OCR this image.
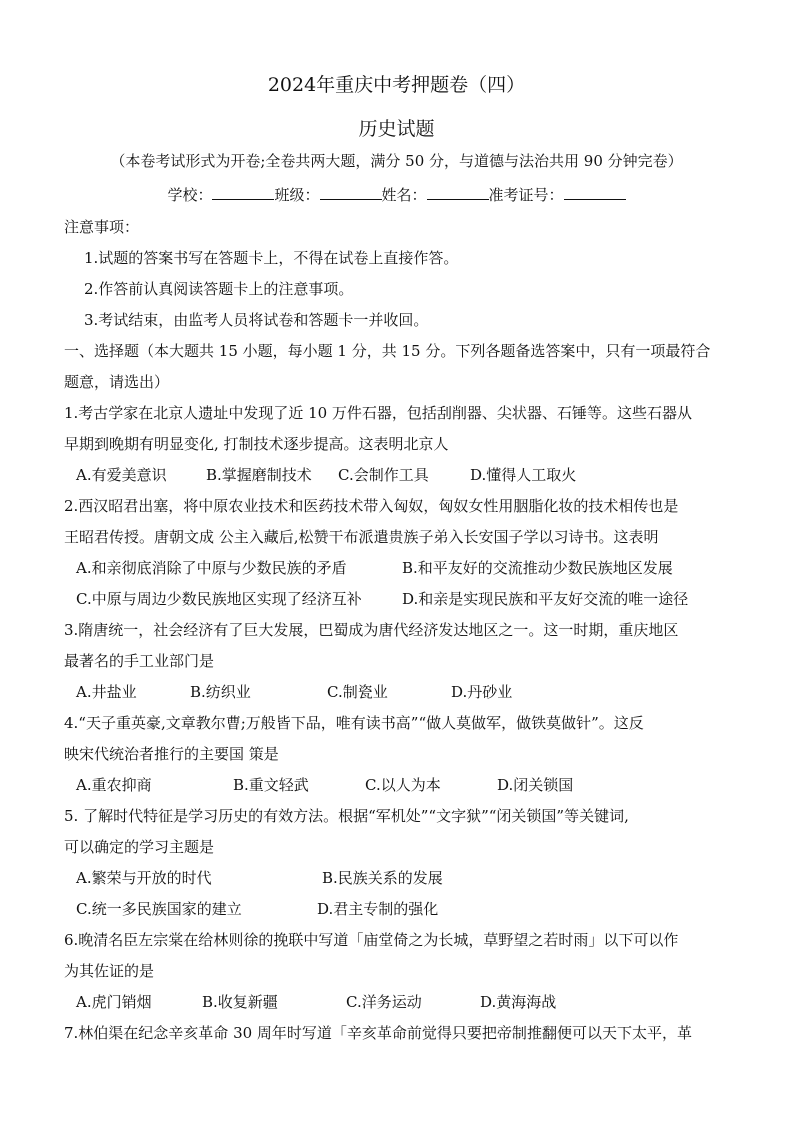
2024年重庆中考押题卷（四）
历史试题
（本卷考试形式为开卷;全卷共两大题，满分 50 分，与道德与法治共用 90 分钟完卷）
学校：	班级：	姓名：	准考证号：
注意事项：
1.试题的答案书写在答题卡上，不得在试卷上直接作答。
2.作答前认真阅读答题卡上的注意事项。
3.考试结束，由监考人员将试卷和答题卡一并收回。
一、选择题（本大题共 15 小题，每小题 1 分，共 15 分。下列各题备选答案中，只有一项最符合
题意，请选出）
1.考古学家在北京人遗址中发现了近 10 万件石器，包括刮削器、尖状器、石锤等。这些石器从
早期到晚期有明显变化, 打制技术逐步提高。这表明北京人
A.有爱美意识	B.掌握磨制技术 C.会制作工具	D.懂得人工取火
2.西汉昭君出塞，将中原农业技术和医药技术带入匈奴，匈奴女性用胭脂化妆的技术相传也是
王昭君传授。唐朝文成 公主入藏后,松赞干布派遣贵族子弟入长安国子学以习诗书。这表明
A.和亲彻底消除了中原与少数民族的矛盾	B.和平友好的交流推动少数民族地区发展
C.中原与周边少数民族地区实现了经济互补	D.和亲是实现民族和平友好交流的唯一途径
3.隋唐统一，社会经济有了巨大发展，巴蜀成为唐代经济发达地区之一。这一时期，重庆地区
最著名的手工业部门是
A.井盐业	B.纺织业	C.制瓷业	D.丹砂业
4.“天子重英豪,文章教尔曹;万般皆下品，唯有读书高”“做人莫做军，做铁莫做针”。这反
映宋代统治者推行的主要国 策是
A.重农抑商	B.重文轻武	C.以人为本	D.闭关锁国
5. 了解时代特征是学习历史的有效方法。根据“军机处”“文字狱”“闭关锁国”等关键词,
可以确定的学习主题是
A.繁荣与开放的时代	B.民族关系的发展
C.统一多民族国家的建立	D.君主专制的强化
6.晚清名臣左宗棠在给林则徐的挽联中写道「庙堂倚之为长城，草野望之若时雨」以下可以作
为其佐证的是
A.虎门销烟	B.收复新疆	C.洋务运动	D.黄海海战
7.林伯渠在纪念辛亥革命 30 周年时写道「辛亥革命前觉得只要把帝制推翻便可以天下太平，革
